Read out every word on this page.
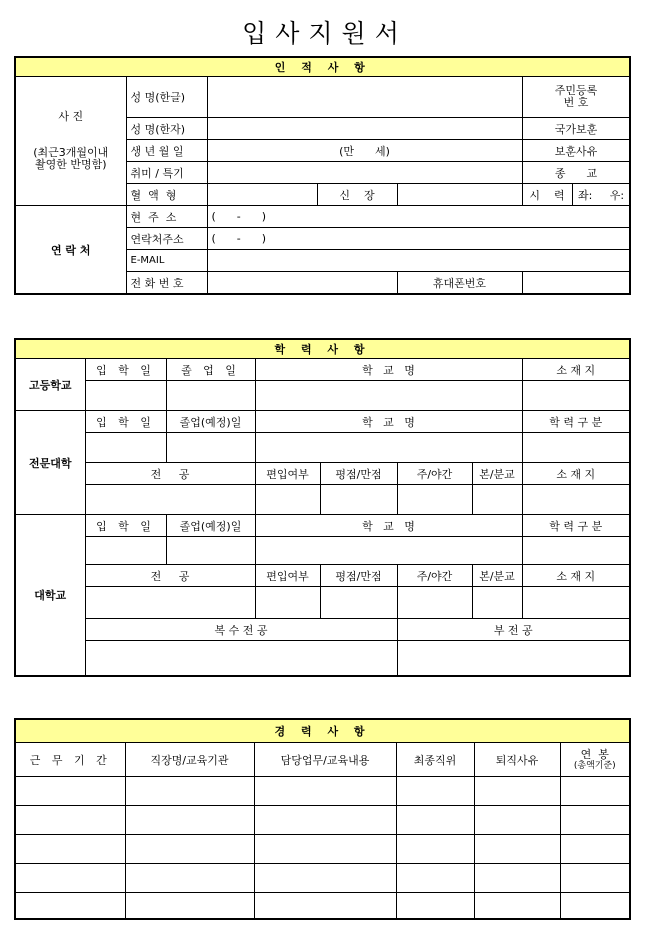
입사지원서
인 적 사 항							

사 진
(최근3개월이내
촬영한 반명함)	성 명(한글)				주민등록
번 호		

	성 명(한자)				국가보훈	
	생 년 월 일	(만      세)			보훈사유		
	취미 / 특기				종      교		
	혈  액  형		신    장		시    력	좌:     우:	
연 락 처	현  주  소	(      -      )					
	연락처주소	(      -      )					
	E-MAIL						
	전 화 번 호			휴대폰번호			
학 력 사 항							
고등학교	입 학 일	졸 업 일	학   교   명				소 재 지

전문대학	입 학 일	졸업(예정)일	학   교   명				학 력 구 분

	전     공		편입여부	평점/만점	주/야간	본/분교	소 재 지

대학교	입 학 일	졸업(예정)일	학   교   명				학 력 구 분

	전     공		편입여부	평점/만점	주/야간	본/분교	소 재 지

	복 수 전 공				부 전 공		

경 력 사 항					
근 무 기 간	직장명/교육기관	담당업무/교육내용	최종직위	퇴직사유	연  봉
(총액기준)
